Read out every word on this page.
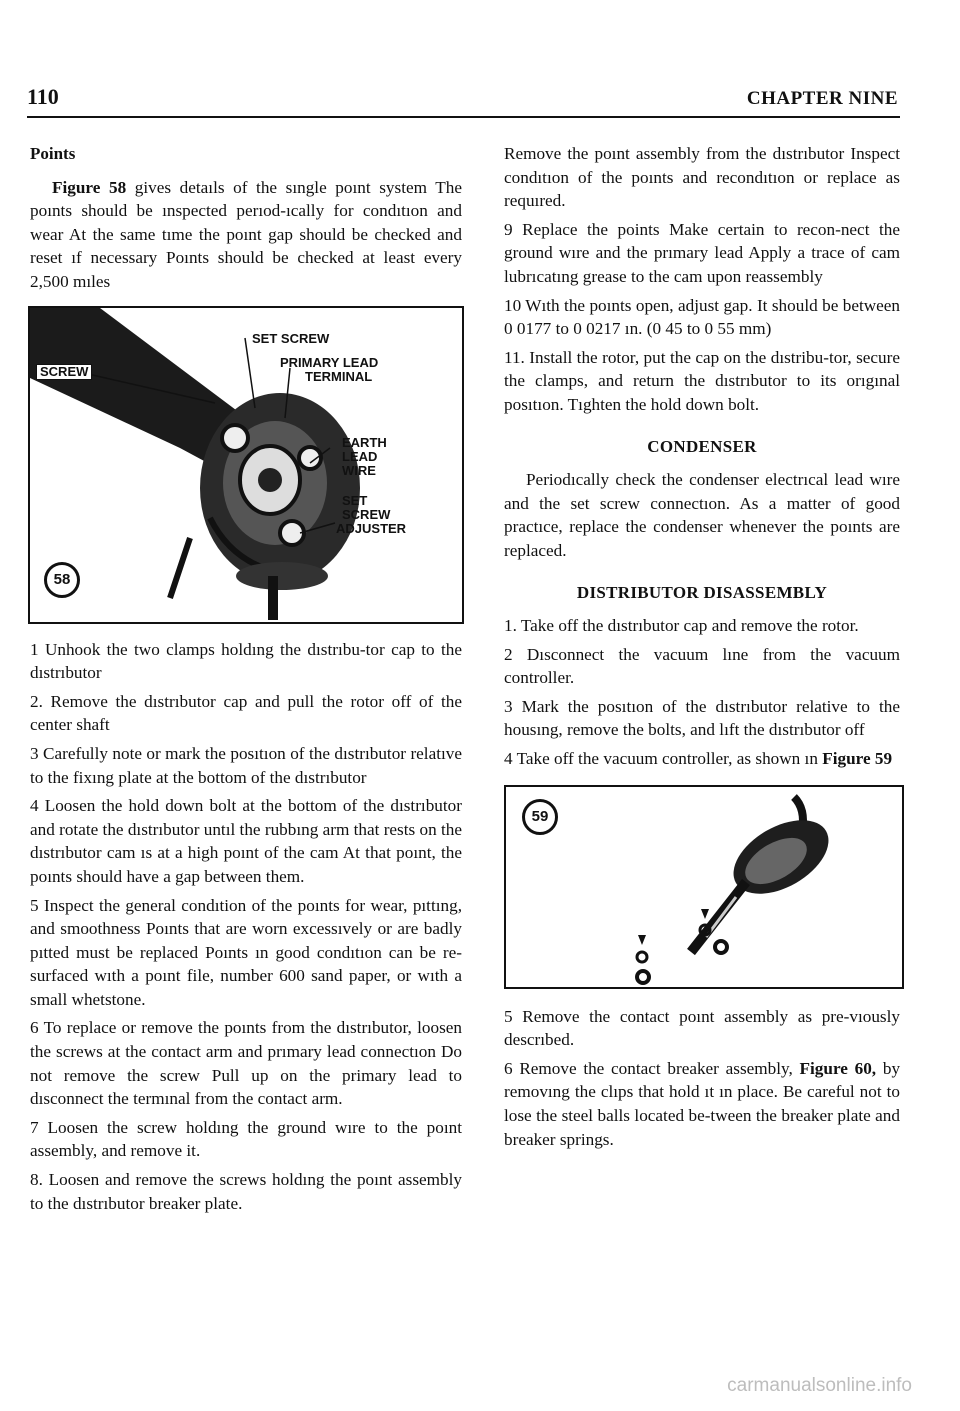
110	CHAPTER NINE

Points

Figure 58 gives detaıls of the sıngle poınt system The poınts should be ınspected perıod-ıcally for condıtıon and wear At the same tıme the poınt gap should be checked and reset ıf necessary Poınts should be checked at least every 2,500 mıles

SET SCREW
PRIMARY LEAD
TERMINAL
SCREW
EARTH
LEAD
WIRE
SET
SCREW
ADJUSTER
58

1 Unhook the two clamps holdıng the dıstrıbu-tor cap to the dıstrıbutor

2. Remove the dıstrıbutor cap and pull the rotor off of the center shaft

3 Carefully note or mark the posıtıon of the dıstrıbutor relatıve to the fixıng plate at the bottom of the dıstrıbutor

4 Loosen the hold down bolt at the bottom of the dıstrıbutor and rotate the dıstrıbutor untıl the rubbıng arm that rests on the dıstrıbutor cam ıs at a high poınt of the cam At that poınt, the poınts should have a gap between them.

5 Inspect the general condıtion of the poınts for wear, pıttıng, and smoothness Poınts that are worn excessıvely or are badly pıtted must be replaced Poınts ın good condıtıon can be re-surfaced wıth a poınt file, number 600 sand paper, or wıth a small whetstone.

6 To replace or remove the poınts from the dıstrıbutor, loosen the screws at the contact arm and prımary lead connectıon Do not remove the screw Pull up on the primary lead to dısconnect the termınal from the contact arm.

7 Loosen the screw holdıng the ground wıre to the poınt assembly, and remove it.

8. Loosen and remove the screws holdıng the poınt assembly to the dıstrıbutor breaker plate.

Remove the poınt assembly from the dıstrıbutor Inspect condıtıon of the poınts and recondıtıon or replace as requıred.

9 Replace the points Make certain to recon-nect the ground wıre and the prımary lead Apply a trace of cam lubrıcatıng grease to the cam upon reassembly

10 Wıth the poınts open, adjust gap. It should be between 0 0177 to 0 0217 ın. (0 45 to 0 55 mm)

11. Install the rotor, put the cap on the dıstribu-tor, secure the clamps, and return the dıstrıbutor to its orıgınal posıtıon. Tıghten the hold down bolt.

CONDENSER

Periodıcally check the condenser electrıcal lead wıre and the set screw connectıon. As a matter of good practıce, replace the condenser whenever the poınts are replaced.

DISTRIBUTOR DISASSEMBLY

1. Take off the dıstrıbutor cap and remove the rotor.

2 Dısconnect the vacuum lıne from the vacuum controller.

3 Mark the posıtıon of the dıstrıbutor relative to the housıng, remove the bolts, and lıft the dıstrıbutor off

4 Take off the vacuum controller, as shown ın Figure 59

59

5 Remove the contact poınt assembly as pre-vıously descrıbed.

6 Remove the contact breaker assembly, Figure 60, by removıng the clıps that hold ıt ın place. Be careful not to lose the steel balls located be-tween the breaker plate and breaker springs.

carmanualsonline.info
